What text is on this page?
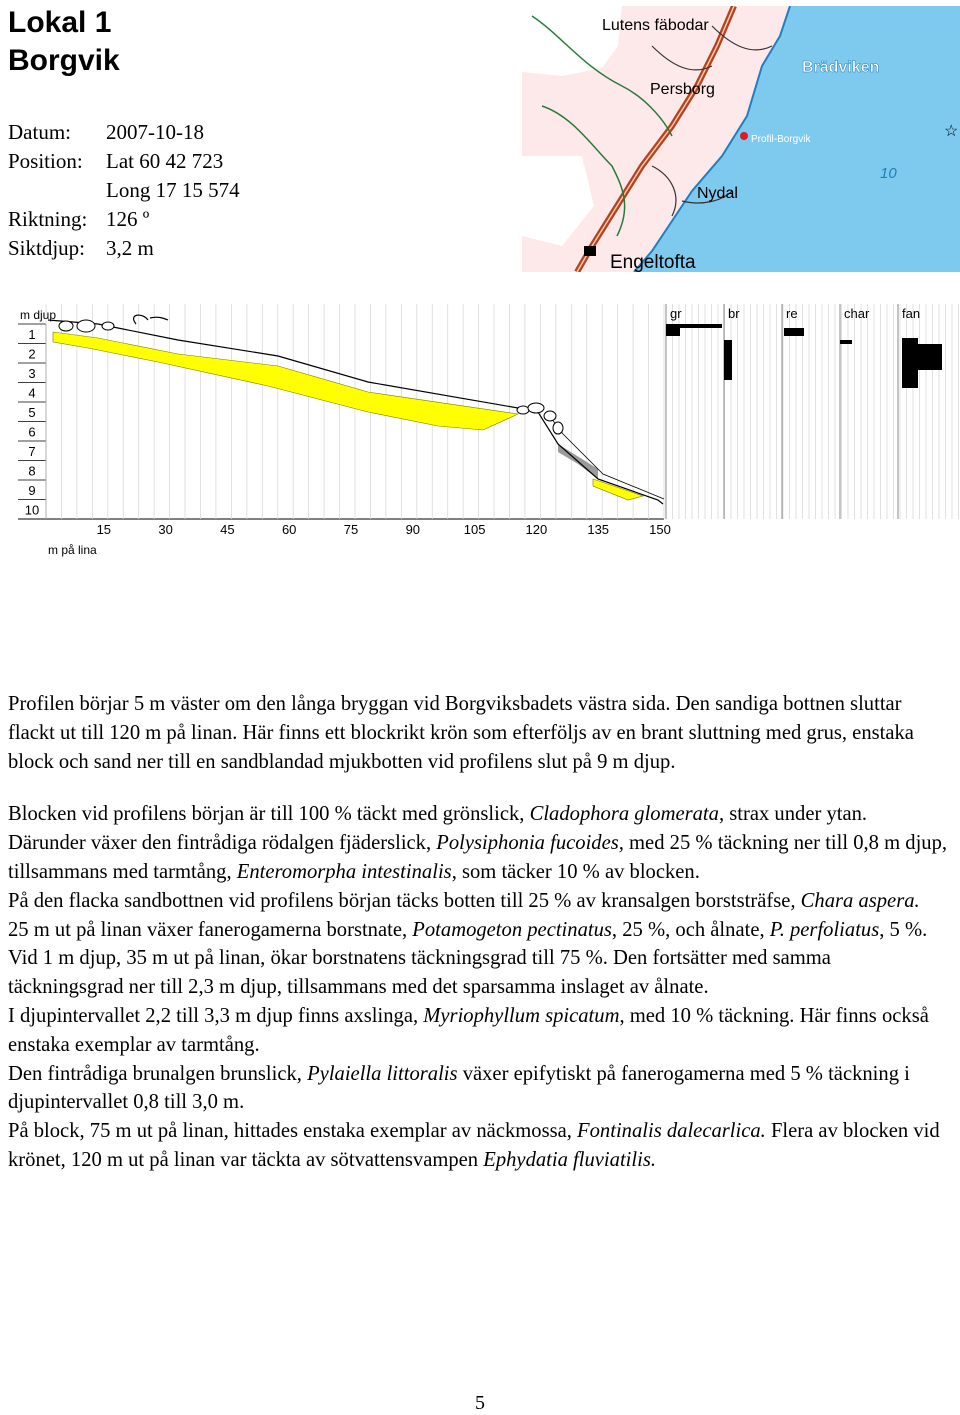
Lokal 1
Borgvik
Datum: 2007-10-18
Position: Lat 60 42 723
Long 17 15 574
Riktning: 126 º
Siktdjup: 3,2 m
Lutens fäbodar
Brädviken
Persborg
Profil-Borgvik
Nydal
10
Engeltofta
☆
m djup
1
2
3
4
5
6
7
8
9
10
15	30	45	60	75	90	105	120	135	150
m på lina
gr	br	re	char	fan

Profilen börjar 5 m väster om den långa bryggan vid Borgviksbadets västra sida. Den sandiga bottnen sluttar flackt ut till 120 m på linan. Här finns ett blockrikt krön som efterföljs av en brant sluttning med grus, enstaka block och sand ner till en sandblandad mjukbotten vid profilens slut på 9 m djup.

Blocken vid profilens början är till 100 % täckt med grönslick, Cladophora glomerata, strax under ytan. Därunder växer den fintrådiga rödalgen fjäderslick, Polysiphonia fucoides, med 25 % täckning ner till 0,8 m djup, tillsammans med tarmtång, Enteromorpha intestinalis, som täcker 10 % av blocken.

På den flacka sandbottnen vid profilens början täcks botten till 25 % av kransalgen borststräfse, Chara aspera.

25 m ut på linan växer fanerogamerna borstnate, Potamogeton pectinatus, 25 %, och ålnate, P. perfoliatus, 5 %. Vid 1 m djup, 35 m ut på linan, ökar borstnatens täckningsgrad till 75 %. Den fortsätter med samma täckningsgrad ner till 2,3 m djup, tillsammans med det sparsamma inslaget av ålnate.

I djupintervallet 2,2 till 3,3 m djup finns axslinga, Myriophyllum spicatum, med 10 % täckning. Här finns också enstaka exemplar av tarmtång.

Den fintrådiga brunalgen brunslick, Pylaiella littoralis växer epifytiskt på fanerogamerna med 5 % täckning i djupintervallet 0,8 till 3,0 m.

På block, 75 m ut på linan, hittades enstaka exemplar av näckmossa, Fontinalis dalecarlica. Flera av blocken vid krönet, 120 m ut på linan var täckta av sötvattensvampen Ephydatia fluviatilis.

5
